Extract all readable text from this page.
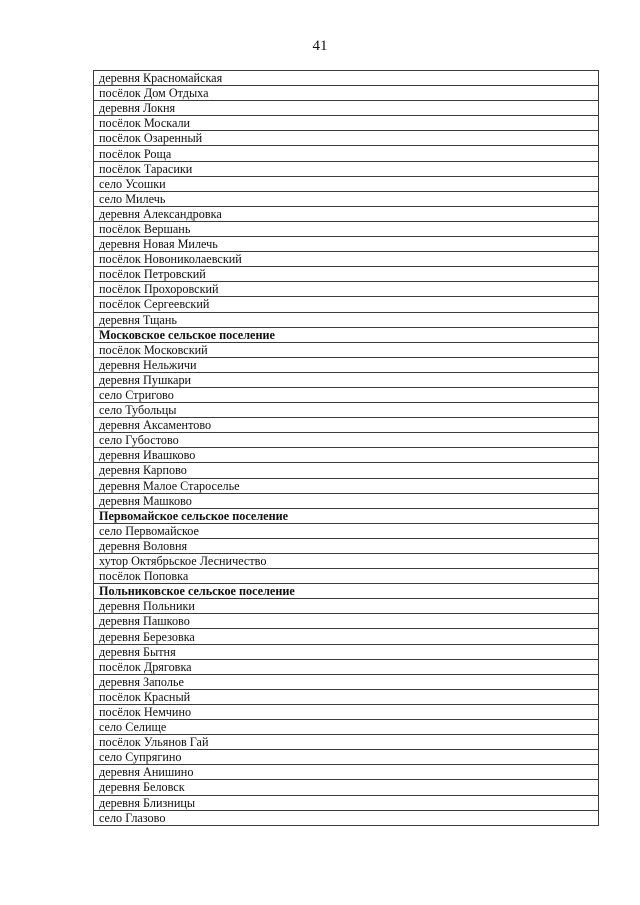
41
деревня Красномайская
посёлок Дом Отдыха
деревня Локня
посёлок Москали
посёлок Озаренный
посёлок Роща
посёлок Тарасики
село Усошки
село Милечь
деревня Александровка
посёлок Вершань
деревня Новая Милечь
посёлок Новониколаевский
посёлок Петровский
посёлок Прохоровский
посёлок Сергеевский
деревня Тщань
Московское сельское поселение
посёлок Московский
деревня Нельжичи
деревня Пушкари
село Стригово
село Тубольцы
деревня Аксаментово
село Губостово
деревня Ивашково
деревня Карпово
деревня Малое Староселье
деревня Машково
Первомайское сельское поселение
село Первомайское
деревня Воловня
хутор Октябрьское Лесничество
посёлок Поповка
Польниковское сельское поселение
деревня Польники
деревня Пашково
деревня Березовка
деревня Бытня
посёлок Дряговка
деревня Заполье
посёлок Красный
посёлок Немчино
село Селище
посёлок Ульянов Гай
село Супрягино
деревня Анишино
деревня Беловск
деревня Близницы
село Глазово
